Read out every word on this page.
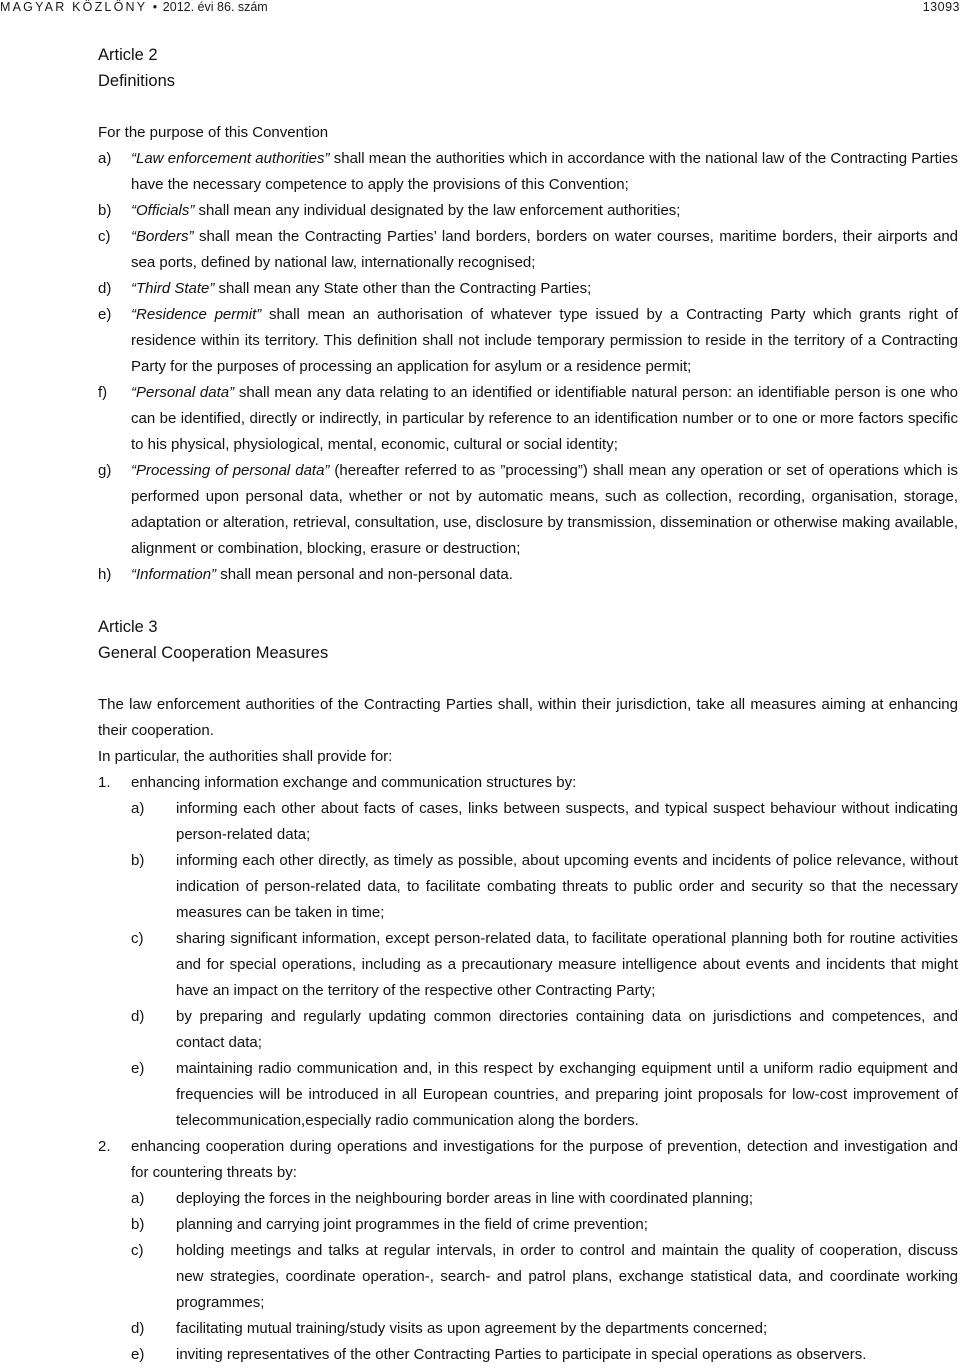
MAGYAR KÖZLÖNY • 2012. évi 86. szám	13093

Article 2

Definitions

For the purpose of this Convention

a) “Law enforcement authorities” shall mean the authorities which in accordance with the national law of the Contracting Parties have the necessary competence to apply the provisions of this Convention;
b) “Officials” shall mean any individual designated by the law enforcement authorities;
c) “Borders” shall mean the Contracting Parties’ land borders, borders on water courses, maritime borders, their airports and sea ports, defined by national law, internationally recognised;
d) “Third State” shall mean any State other than the Contracting Parties;
e) “Residence permit” shall mean an authorisation of whatever type issued by a Contracting Party which grants right of residence within its territory. This definition shall not include temporary permission to reside in the territory of a Contracting Party for the purposes of processing an application for asylum or a residence permit;
f) “Personal data” shall mean any data relating to an identified or identifiable natural person: an identifiable person is one who can be identified, directly or indirectly, in particular by reference to an identification number or to one or more factors specific to his physical, physiological, mental, economic, cultural or social identity;
g) “Processing of personal data” (hereafter referred to as ”processing”) shall mean any operation or set of operations which is performed upon personal data, whether or not by automatic means, such as collection, recording, organisation, storage, adaptation or alteration, retrieval, consultation, use, disclosure by transmission, dissemination or otherwise making available, alignment or combination, blocking, erasure or destruction;
h) “Information” shall mean personal and non-personal data.

Article 3

General Cooperation Measures

The law enforcement authorities of the Contracting Parties shall, within their jurisdiction, take all measures aiming at enhancing their cooperation.

In particular, the authorities shall provide for:

1. enhancing information exchange and communication structures by:
a) informing each other about facts of cases, links between suspects, and typical suspect behaviour without indicating person-related data;
b) informing each other directly, as timely as possible, about upcoming events and incidents of police relevance, without indication of person-related data, to facilitate combating threats to public order and security so that the necessary measures can be taken in time;
c) sharing significant information, except person-related data, to facilitate operational planning both for routine activities and for special operations, including as a precautionary measure intelligence about events and incidents that might have an impact on the territory of the respective other Contracting Party;
d) by preparing and regularly updating common directories containing data on jurisdictions and competences, and contact data;
e) maintaining radio communication and, in this respect by exchanging equipment until a uniform radio equipment and frequencies will be introduced in all European countries, and preparing joint proposals for low-cost improvement of telecommunication,especially radio communication along the borders.
2. enhancing cooperation during operations and investigations for the purpose of prevention, detection and investigation and for countering threats by:
a) deploying the forces in the neighbouring border areas in line with coordinated planning;
b) planning and carrying joint programmes in the field of crime prevention;
c) holding meetings and talks at regular intervals, in order to control and maintain the quality of cooperation, discuss new strategies, coordinate operation-, search- and patrol plans, exchange statistical data, and coordinate working programmes;
d) facilitating mutual training/study visits as upon agreement by the departments concerned;
e) inviting representatives of the other Contracting Parties to participate in special operations as observers.
